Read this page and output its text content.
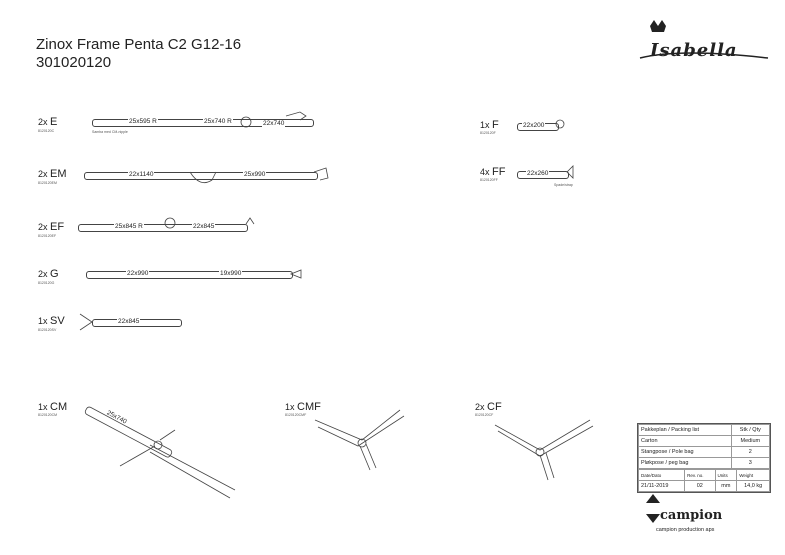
Zinox Frame Penta C2 G12-16
301020120
Isabella
2x E
8120120C
25x595 R	25x740 R	22x740
Samba med CM-nipple
2x EM
8120120EM
22x1140	25x990
2x EF
8120120EF
25x845 R	22x845
2x G
8120120G
22x990	19x990
1x SV
8120120SV
22x845
1x F
8120120F
22x200
4x FF
8120120FF
22x260
Spade/strap
1x CM
8120120CM	25x740
1x CMF
8120120CMF
2x CF
8120120CF
Pakkeplan / Packing list	Stk / Qty
Carton	Medium
Stangpose / Pole bag	2
Pløkpose / peg bag	3
Date/Dato	Rev. no.	Units	Weight
21/11-2019	02	mm	14,0 kg
campion
campion production aps
